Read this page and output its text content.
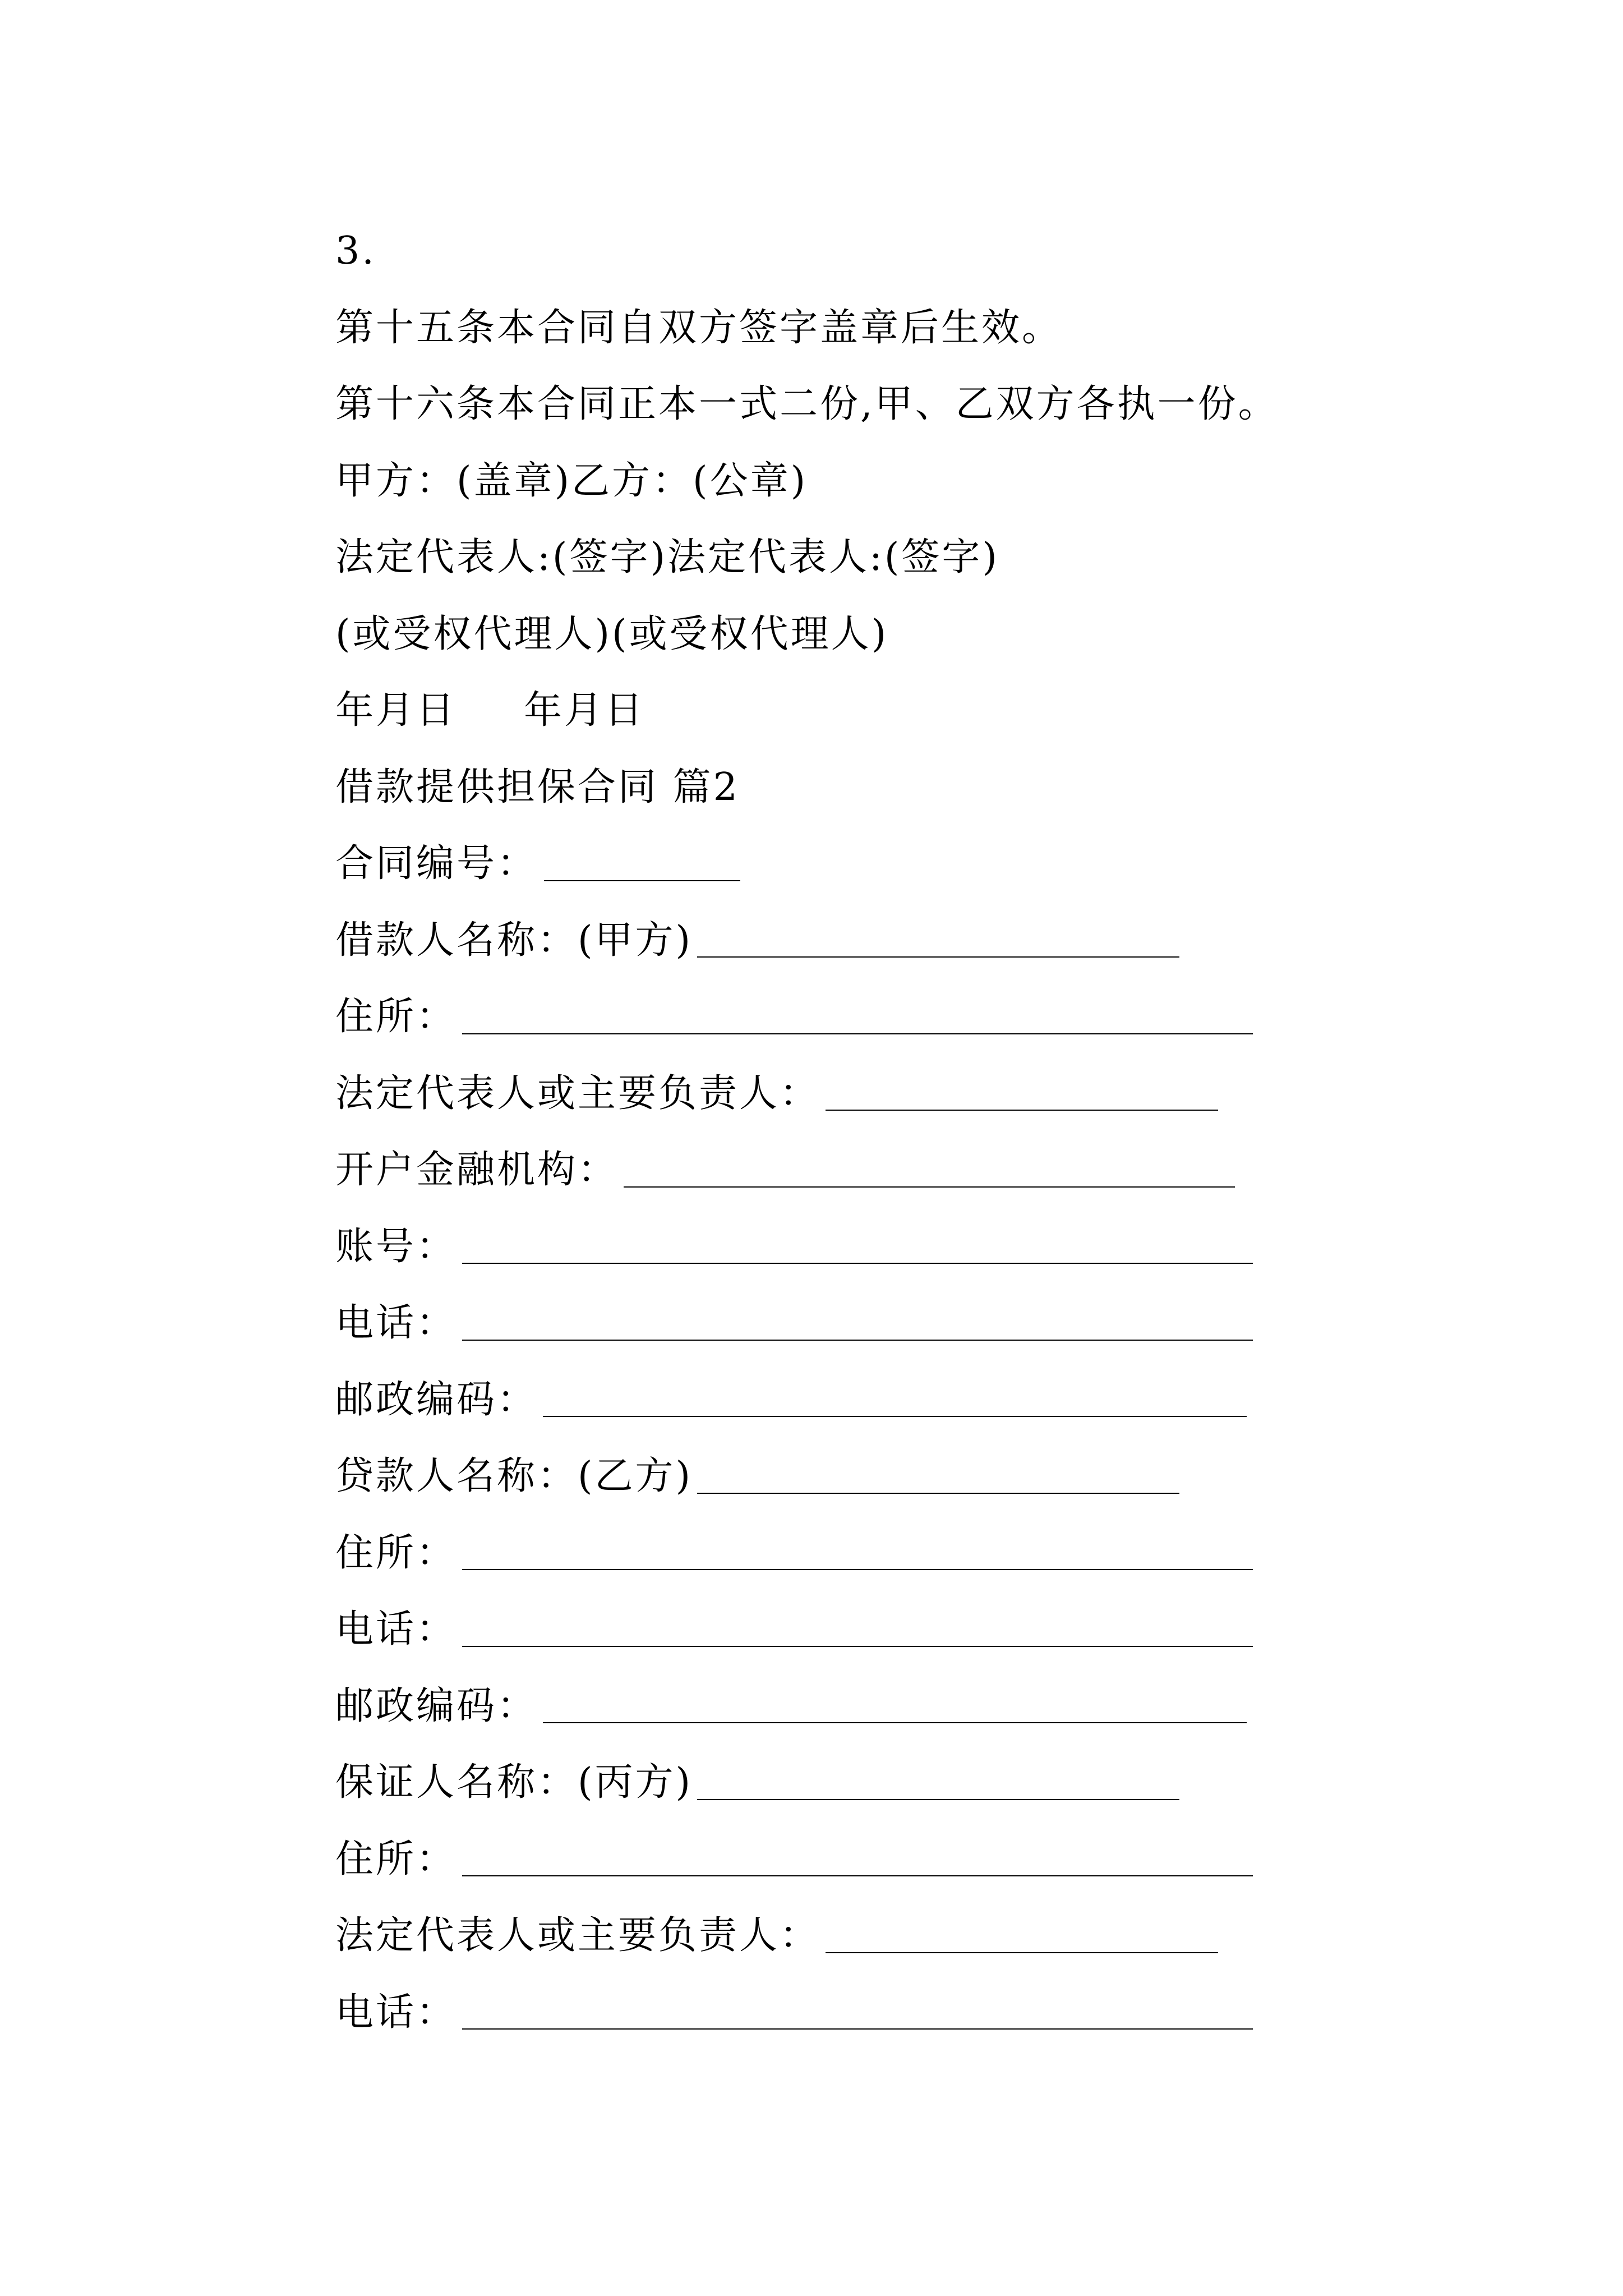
3.
第十五条本合同自双方签字盖章后生效。
第十六条本合同正本一式二份,甲、乙双方各执一份。
甲方：(盖章)乙方：(公章)
法定代表人:(签字)法定代表人:(签字)
(或受权代理人)(或受权代理人)
年月日 年月日
借款提供担保合同 篇2
合同编号：
借款人名称：(甲方)
住所：
法定代表人或主要负责人：
开户金融机构：
账号：
电话：
邮政编码：
贷款人名称：(乙方)
住所：
电话：
邮政编码：
保证人名称：(丙方)
住所：
法定代表人或主要负责人：
电话：
